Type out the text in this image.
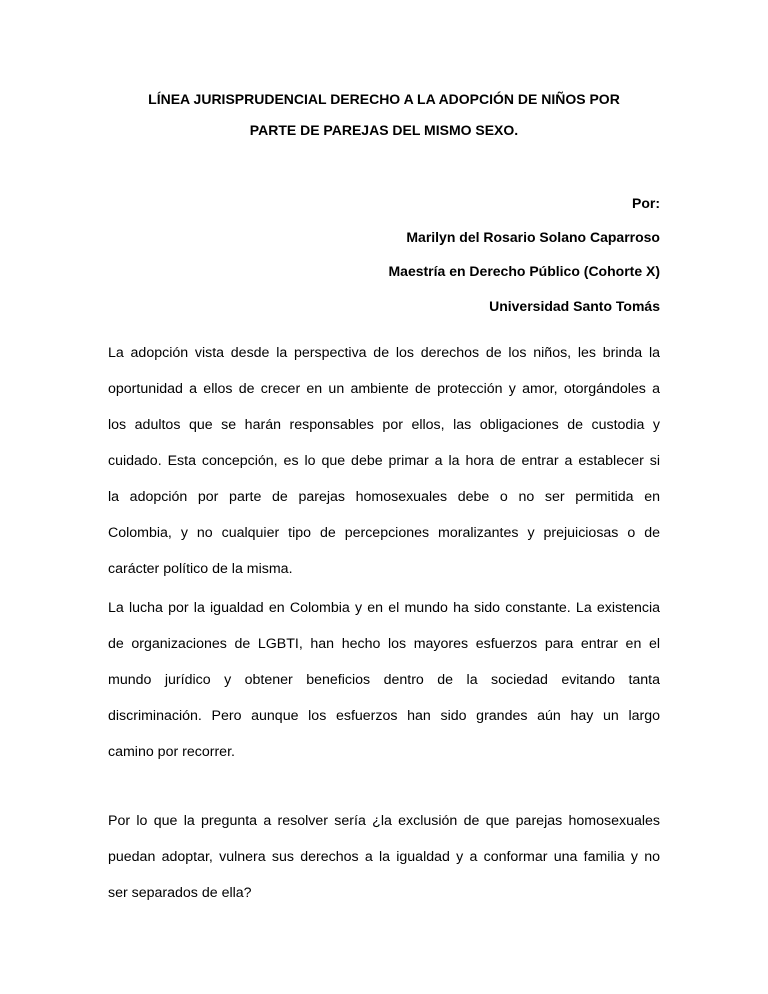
LÍNEA JURISPRUDENCIAL DERECHO A LA ADOPCIÓN DE NIÑOS POR
PARTE DE PAREJAS DEL MISMO SEXO.
Por:
Marilyn del Rosario Solano Caparroso
Maestría en Derecho Público (Cohorte X)
Universidad Santo Tomás
La adopción vista desde la perspectiva de los derechos de los niños, les brinda la
oportunidad a ellos de crecer en un ambiente de protección y amor, otorgándoles a
los adultos que se harán responsables por ellos, las obligaciones de custodia y
cuidado. Esta concepción, es lo que debe primar a la hora de entrar a establecer si
la adopción por parte de parejas homosexuales debe o no ser permitida en
Colombia, y no cualquier tipo de percepciones moralizantes y prejuiciosas o de
carácter político de la misma.
La lucha por la igualdad en Colombia y en el mundo ha sido constante. La existencia
de organizaciones de LGBTI, han hecho los mayores esfuerzos para entrar en el
mundo jurídico y obtener beneficios dentro de la sociedad evitando tanta
discriminación. Pero aunque los esfuerzos han sido grandes aún hay un largo
camino por recorrer.
Por lo que la pregunta a resolver sería ¿la exclusión de que parejas homosexuales
puedan adoptar, vulnera sus derechos a la igualdad y a conformar una familia y no
ser separados de ella?
